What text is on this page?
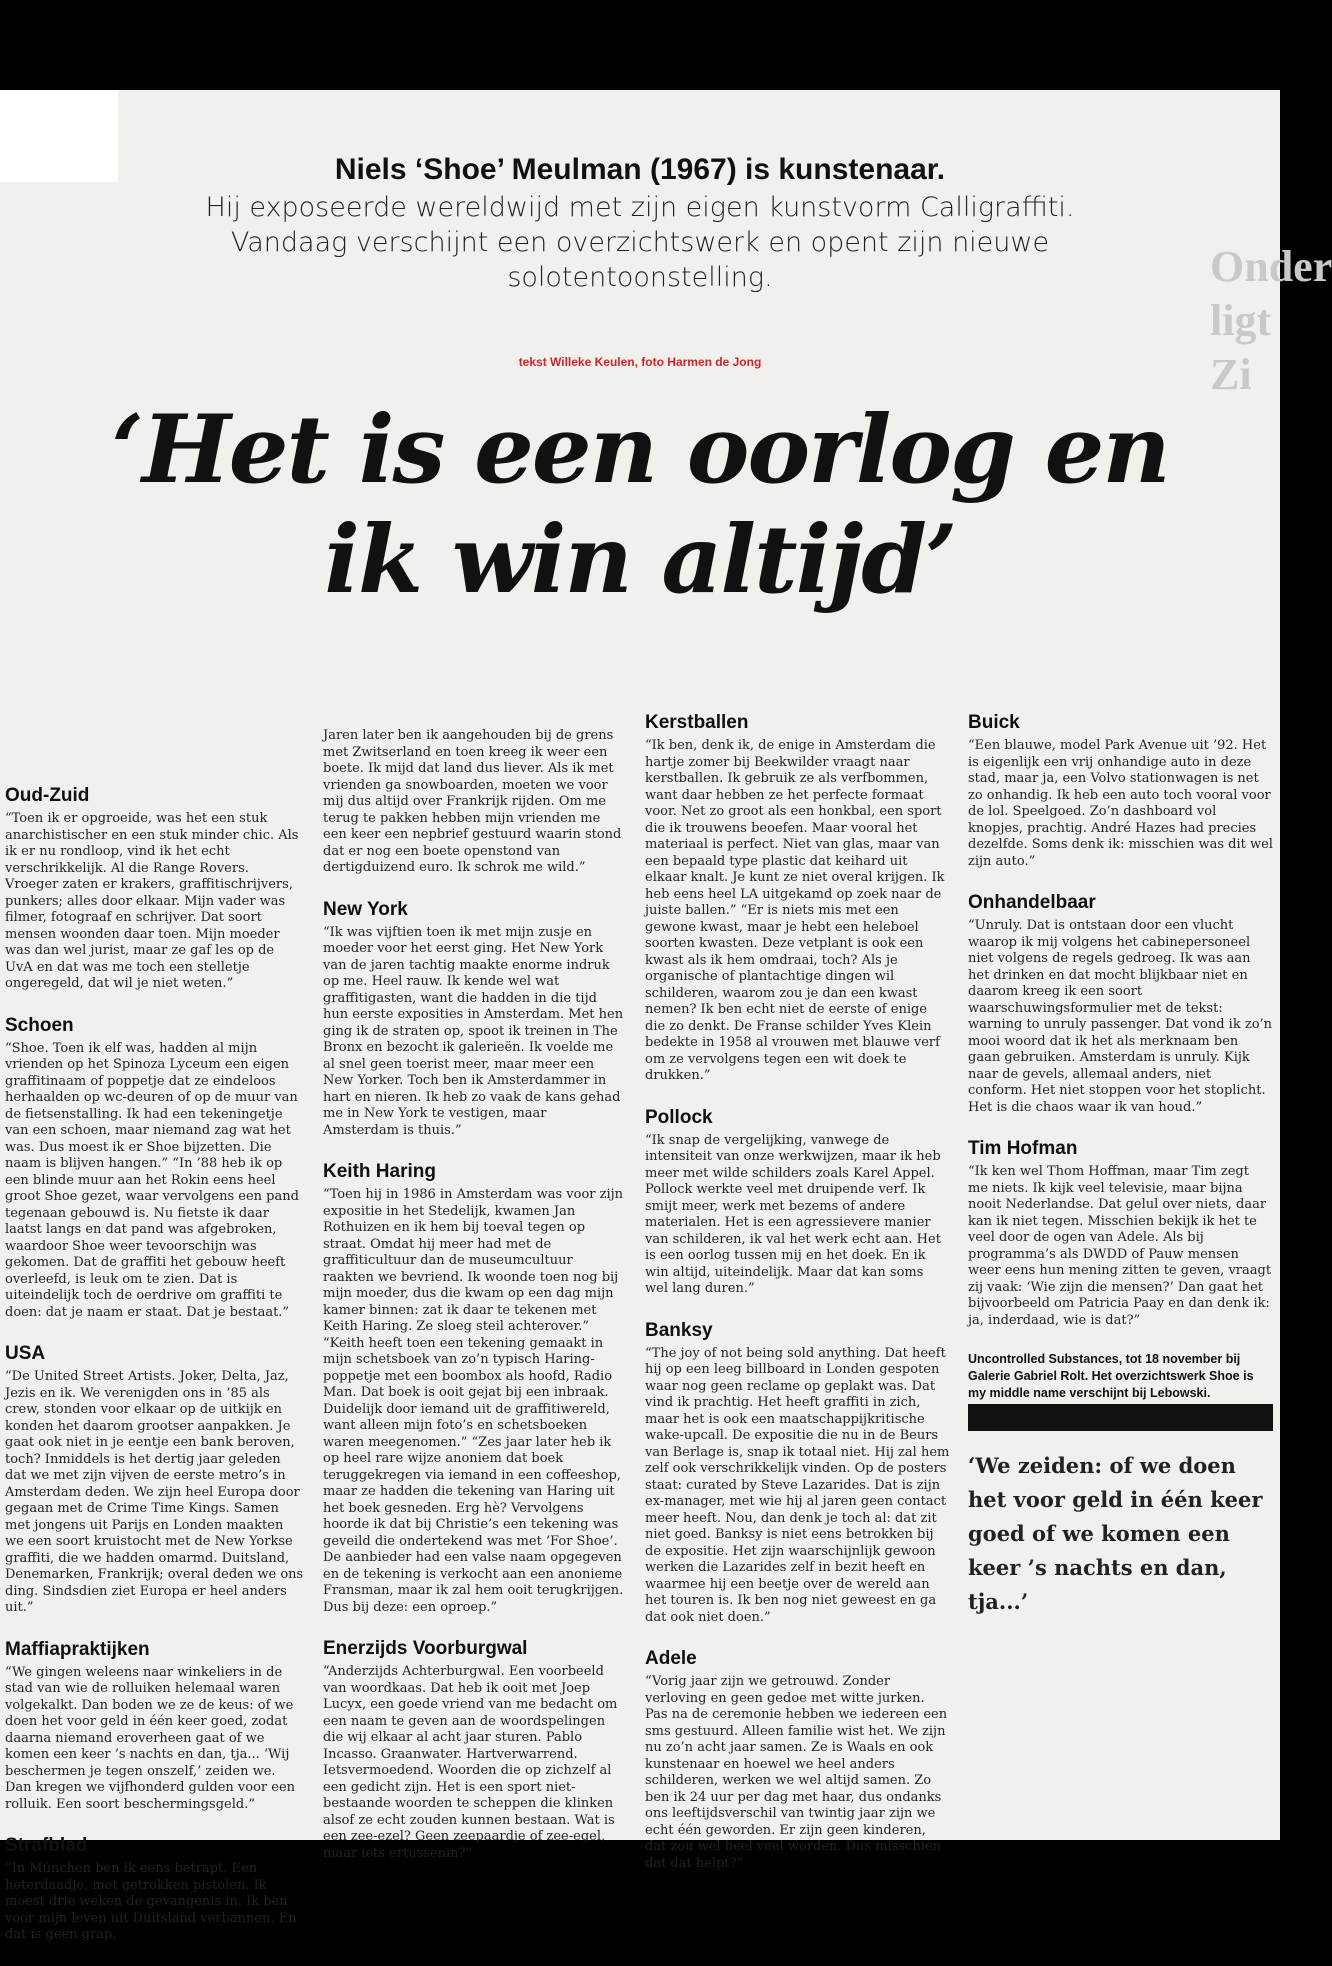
Onder
ligt
Zi
Niels ‘Shoe’ Meulman (1967) is kunstenaar.
Hij exposeerde wereldwijd met zijn eigen kunstvorm Calligraffiti. Vandaag verschijnt een overzichtswerk en opent zijn nieuwe solotentoonstelling.
tekst Willeke Keulen, foto Harmen de Jong
‘Het is een oorlog en ik win altijd’
Oud-Zuid

“Toen ik er opgroeide, was het een stuk anarchistischer en een stuk minder chic. Als ik er nu rondloop, vind ik het echt verschrikkelijk. Al die Range Rovers. Vroeger zaten er krakers, graffitischrijvers, punkers; alles door elkaar. Mijn vader was filmer, fotograaf en schrijver. Dat soort mensen woonden daar toen. Mijn moeder was dan wel jurist, maar ze gaf les op de UvA en dat was me toch een stelletje ongeregeld, dat wil je niet weten.”

Schoen

“Shoe. Toen ik elf was, hadden al mijn vrienden op het Spinoza Lyceum een eigen graffitinaam of poppetje dat ze eindeloos herhaalden op wc-deuren of op de muur van de fietsenstalling. Ik had een tekeningetje van een schoen, maar niemand zag wat het was. Dus moest ik er Shoe bijzetten. Die naam is blijven hangen.” “In ’88 heb ik op een blinde muur aan het Rokin eens heel groot Shoe gezet, waar vervolgens een pand tegenaan gebouwd is. Nu fietste ik daar laatst langs en dat pand was afgebroken, waardoor Shoe weer tevoorschijn was gekomen. Dat de graffiti het gebouw heeft overleefd, is leuk om te zien. Dat is uiteindelijk toch de oerdrive om graffiti te doen: dat je naam er staat. Dat je bestaat.”

USA

“De United Street Artists. Joker, Delta, Jaz, Jezis en ik. We verenigden ons in ’85 als crew, stonden voor elkaar op de uitkijk en konden het daarom grootser aanpakken. Je gaat ook niet in je eentje een bank beroven, toch? Inmiddels is het dertig jaar geleden dat we met zijn vijven de eerste metro’s in Amsterdam deden. We zijn heel Europa door gegaan met de Crime Time Kings. Samen met jongens uit Parijs en Londen maakten we een soort kruistocht met de New Yorkse graffiti, die we hadden omarmd. Duitsland, Denemarken, Frankrijk; overal deden we ons ding. Sindsdien ziet Europa er heel anders uit.”

Maffiapraktijken

“We gingen weleens naar winkeliers in de stad van wie de rolluiken helemaal waren volgekalkt. Dan boden we ze de keus: of we doen het voor geld in één keer goed, zodat daarna niemand eroverheen gaat of we komen een keer ’s nachts en dan, tja... ‘Wij beschermen je tegen onszelf,’ zeiden we. Dan kregen we vijfhonderd gulden voor een rolluik. Een soort beschermingsgeld.”

Strafblad

“In München ben ik eens betrapt. Een heterdaadje, met getrokken pistolen. Ik moest drie weken de gevangenis in. Ik ben voor mijn leven uit Duitsland verbannen. En dat is geen grap.

Jaren later ben ik aangehouden bij de grens met Zwitserland en toen kreeg ik weer een boete. Ik mijd dat land dus liever. Als ik met vrienden ga snowboarden, moeten we voor mij dus altijd over Frankrijk rijden. Om me terug te pakken hebben mijn vrienden me een keer een nepbrief gestuurd waarin stond dat er nog een boete openstond van dertigduizend euro. Ik schrok me wild.”

New York

“Ik was vijftien toen ik met mijn zusje en moeder voor het eerst ging. Het New York van de jaren tachtig maakte enorme indruk op me. Heel rauw. Ik kende wel wat graffitigasten, want die hadden in die tijd hun eerste exposities in Amsterdam. Met hen ging ik de straten op, spoot ik treinen in The Bronx en bezocht ik galerieën. Ik voelde me al snel geen toerist meer, maar meer een New Yorker. Toch ben ik Amsterdammer in hart en nieren. Ik heb zo vaak de kans gehad me in New York te vestigen, maar Amsterdam is thuis.”

Keith Haring

“Toen hij in 1986 in Amsterdam was voor zijn expositie in het Stedelijk, kwamen Jan Rothuizen en ik hem bij toeval tegen op straat. Omdat hij meer had met de graffiticultuur dan de museumcultuur raakten we bevriend. Ik woonde toen nog bij mijn moeder, dus die kwam op een dag mijn kamer binnen: zat ik daar te tekenen met Keith Haring. Ze sloeg steil achterover.” “Keith heeft toen een tekening gemaakt in mijn schetsboek van zo’n typisch Haring-poppetje met een boombox als hoofd, Radio Man. Dat boek is ooit gejat bij een inbraak. Duidelijk door iemand uit de graffitiwereld, want alleen mijn foto’s en schetsboeken waren meegenomen.” “Zes jaar later heb ik op heel rare wijze anoniem dat boek teruggekregen via iemand in een coffeeshop, maar ze hadden die tekening van Haring uit het boek gesneden. Erg hè? Vervolgens hoorde ik dat bij Christie’s een tekening was geveild die ondertekend was met ‘For Shoe’. De aanbieder had een valse naam opgegeven en de tekening is verkocht aan een anonieme Fransman, maar ik zal hem ooit terugkrijgen. Dus bij deze: een oproep.”

Enerzijds Voorburgwal

“Anderzijds Achterburgwal. Een voorbeeld van woordkaas. Dat heb ik ooit met Joep Lucyx, een goede vriend van me bedacht om een naam te geven aan de woordspelingen die wij elkaar al acht jaar sturen. Pablo Incasso. Graanwater. Hartverwarrend. Ietsvermoedend. Woorden die op zichzelf al een gedicht zijn. Het is een sport niet-bestaande woorden te scheppen die klinken alsof ze echt zouden kunnen bestaan. Wat is een zee-ezel? Geen zeepaardje of zee-egel, maar iets ertussenin?”

Kerstballen

“Ik ben, denk ik, de enige in Amsterdam die hartje zomer bij Beekwilder vraagt naar kerstballen. Ik gebruik ze als verfbommen, want daar hebben ze het perfecte formaat voor. Net zo groot als een honkbal, een sport die ik trouwens beoefen. Maar vooral het materiaal is perfect. Niet van glas, maar van een bepaald type plastic dat keihard uit elkaar knalt. Je kunt ze niet overal krijgen. Ik heb eens heel LA uitgekamd op zoek naar de juiste ballen.” “Er is niets mis met een gewone kwast, maar je hebt een heleboel soorten kwasten. Deze vetplant is ook een kwast als ik hem omdraai, toch? Als je organische of plantachtige dingen wil schilderen, waarom zou je dan een kwast nemen? Ik ben echt niet de eerste of enige die zo denkt. De Franse schilder Yves Klein bedekte in 1958 al vrouwen met blauwe verf om ze vervolgens tegen een wit doek te drukken.”

Pollock

“Ik snap de vergelijking, vanwege de intensiteit van onze werkwijzen, maar ik heb meer met wilde schilders zoals Karel Appel. Pollock werkte veel met druipende verf. Ik smijt meer, werk met bezems of andere materialen. Het is een agressievere manier van schilderen, ik val het werk echt aan. Het is een oorlog tussen mij en het doek. En ik win altijd, uiteindelijk. Maar dat kan soms wel lang duren.”

Banksy

“The joy of not being sold anything. Dat heeft hij op een leeg billboard in Londen gespoten waar nog geen reclame op geplakt was. Dat vind ik prachtig. Het heeft graffiti in zich, maar het is ook een maatschappijkritische wake-upcall. De expositie die nu in de Beurs van Berlage is, snap ik totaal niet. Hij zal hem zelf ook verschrikkelijk vinden. Op de posters staat: curated by Steve Lazarides. Dat is zijn ex-manager, met wie hij al jaren geen contact meer heeft. Nou, dan denk je toch al: dat zit niet goed. Banksy is niet eens betrokken bij de expositie. Het zijn waarschijnlijk gewoon werken die Lazarides zelf in bezit heeft en waarmee hij een beetje over de wereld aan het touren is. Ik ben nog niet geweest en ga dat ook niet doen.”

Adele

“Vorig jaar zijn we getrouwd. Zonder verloving en geen gedoe met witte jurken. Pas na de ceremonie hebben we iedereen een sms gestuurd. Alleen familie wist het. We zijn nu zo’n acht jaar samen. Ze is Waals en ook kunstenaar en hoewel we heel anders schilderen, werken we wel altijd samen. Zo ben ik 24 uur per dag met haar, dus ondanks ons leeftijdsverschil van twintig jaar zijn we echt één geworden. Er zijn geen kinderen, dat zou wel heel veel worden. Dus misschien dat dat helpt?”

Buick

“Een blauwe, model Park Avenue uit ’92. Het is eigenlijk een vrij onhandige auto in deze stad, maar ja, een Volvo stationwagen is net zo onhandig. Ik heb een auto toch vooral voor de lol. Speelgoed. Zo’n dashboard vol knopjes, prachtig. André Hazes had precies dezelfde. Soms denk ik: misschien was dit wel zijn auto.”

Onhandelbaar

“Unruly. Dat is ontstaan door een vlucht waarop ik mij volgens het cabinepersoneel niet volgens de regels gedroeg. Ik was aan het drinken en dat mocht blijkbaar niet en daarom kreeg ik een soort waarschuwingsformulier met de tekst: warning to unruly passenger. Dat vond ik zo’n mooi woord dat ik het als merknaam ben gaan gebruiken. Amsterdam is unruly. Kijk naar de gevels, allemaal anders, niet conform. Het niet stoppen voor het stoplicht. Het is die chaos waar ik van houd.”

Tim Hofman

“Ik ken wel Thom Hoffman, maar Tim zegt me niets. Ik kijk veel televisie, maar bijna nooit Nederlandse. Dat gelul over niets, daar kan ik niet tegen. Misschien bekijk ik het te veel door de ogen van Adele. Als bij programma’s als DWDD of Pauw mensen weer eens hun mening zitten te geven, vraagt zij vaak: ‘Wie zijn die mensen?’ Dan gaat het bijvoorbeeld om Patricia Paay en dan denk ik: ja, inderdaad, wie is dat?”

Uncontrolled Substances, tot 18 november bij Galerie Gabriel Rolt. Het overzichtswerk Shoe is my middle name verschijnt bij Lebowski.

‘We zeiden: of we doen het voor geld in één keer goed of we komen een keer ’s nachts en dan, tja...’
